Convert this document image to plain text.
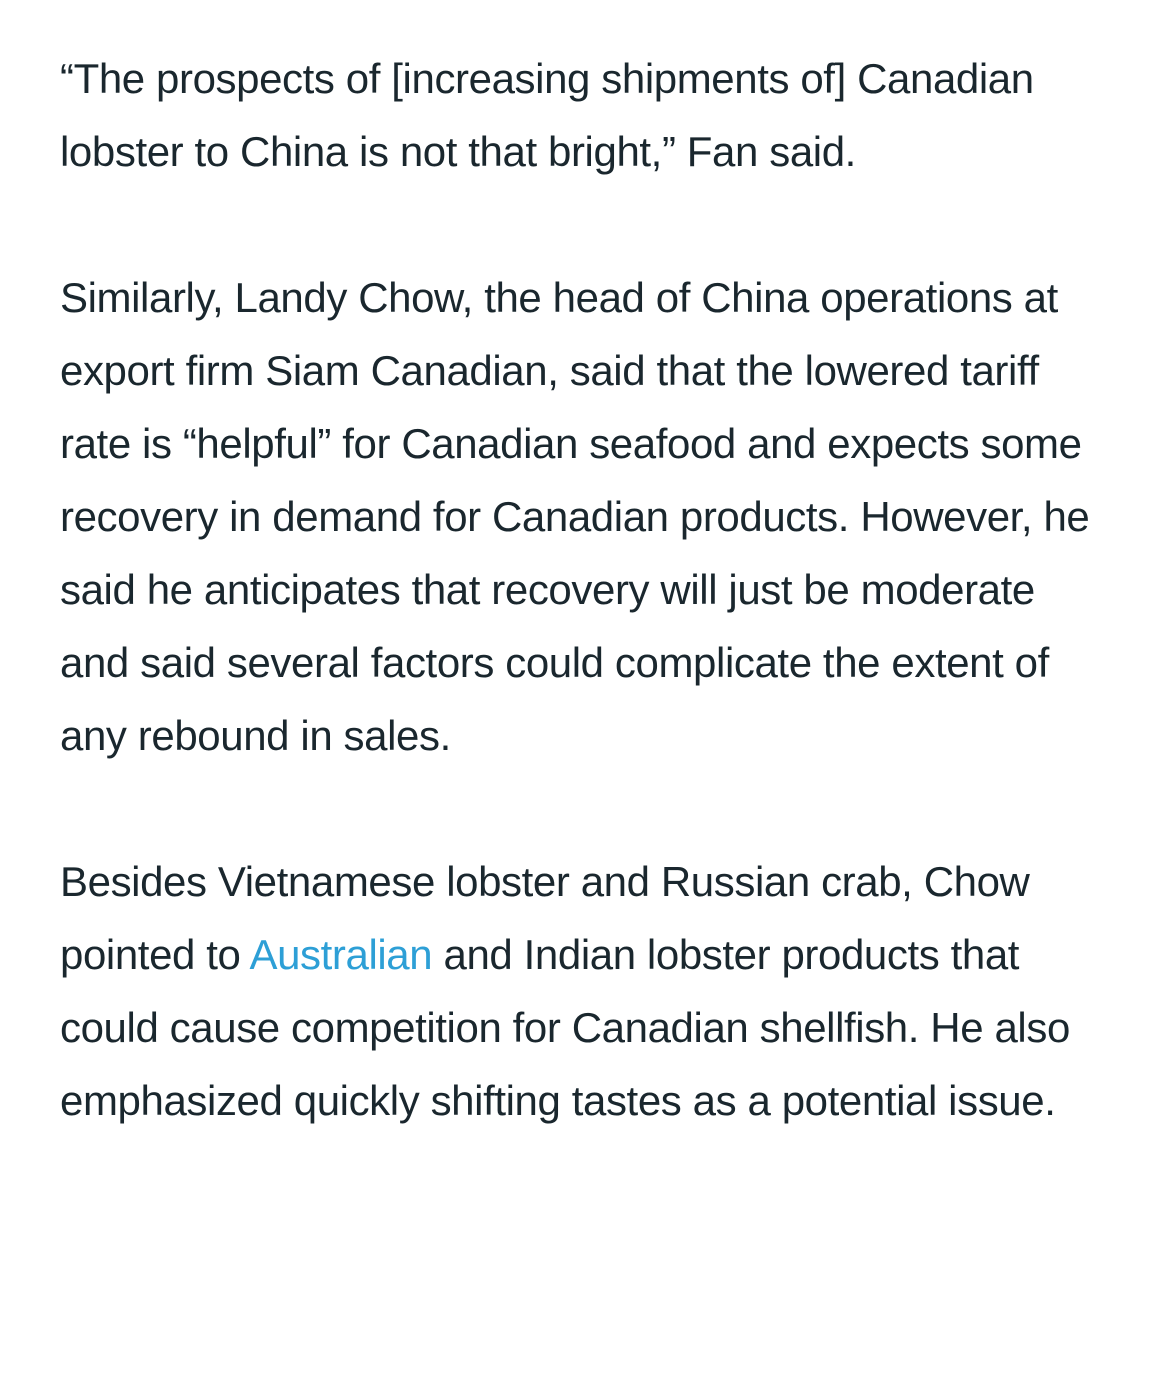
“The prospects of [increasing shipments of] Canadian lobster to China is not that bright,” Fan said.

Similarly, Landy Chow, the head of China operations at export firm Siam Canadian, said that the lowered tariff rate is “helpful” for Canadian seafood and expects some recovery in demand for Canadian products. However, he said he anticipates that recovery will just be moderate and said several factors could complicate the extent of any rebound in sales.

Besides Vietnamese lobster and Russian crab, Chow pointed to Australian and Indian lobster products that could cause competition for Canadian shellfish. He also emphasized quickly shifting tastes as a potential issue.
